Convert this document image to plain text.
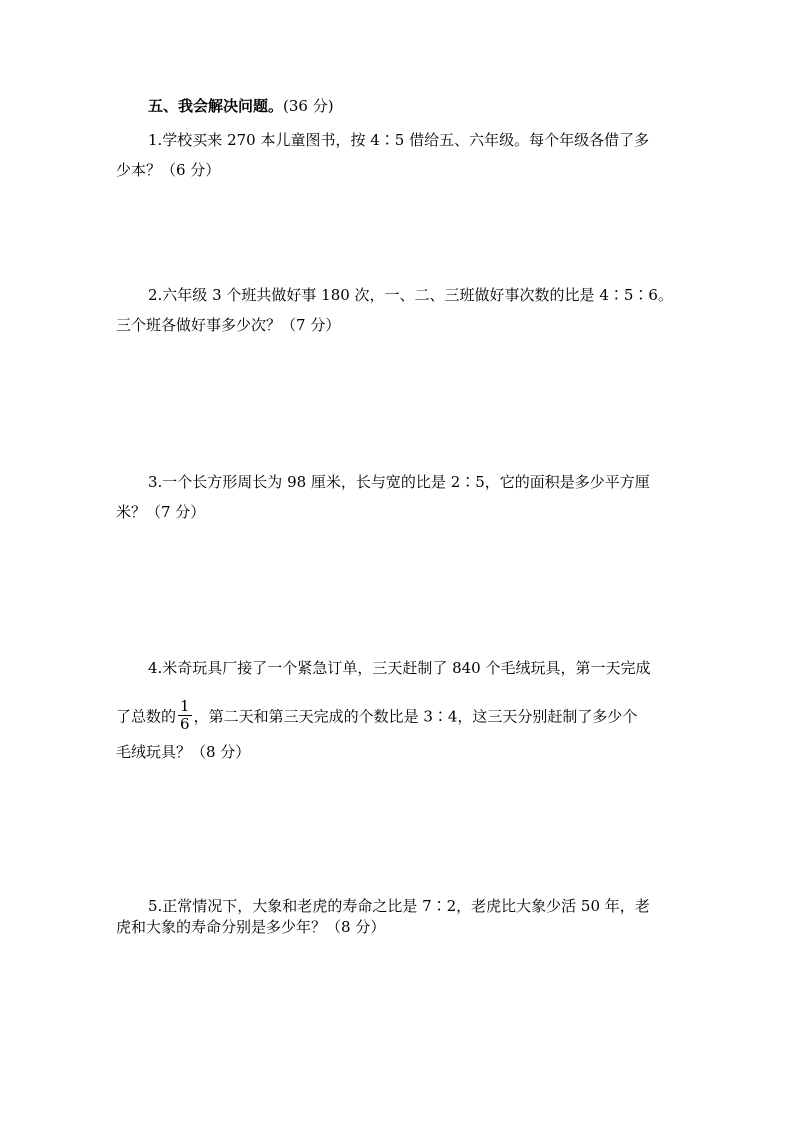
五、我会解决问题。(36 分)
1.学校买来 270 本儿童图书，按 4∶5 借给五、六年级。每个年级各借了多
少本？（6 分）
2.六年级 3 个班共做好事 180 次，一、二、三班做好事次数的比是 4∶5∶6。
三个班各做好事多少次？（7 分）
3.一个长方形周长为 98 厘米，长与宽的比是 2∶5，它的面积是多少平方厘
米？（7 分）
4.米奇玩具厂接了一个紧急订单，三天赶制了 840 个毛绒玩具，第一天完成
了总数的 $\frac{1}{6}$ ，第二天和第三天完成的个数比是 3∶4，这三天分别赶制了多少个
毛绒玩具？（8 分）
5.正常情况下，大象和老虎的寿命之比是 7∶2，老虎比大象少活 50 年，老
虎和大象的寿命分别是多少年？（8 分）
